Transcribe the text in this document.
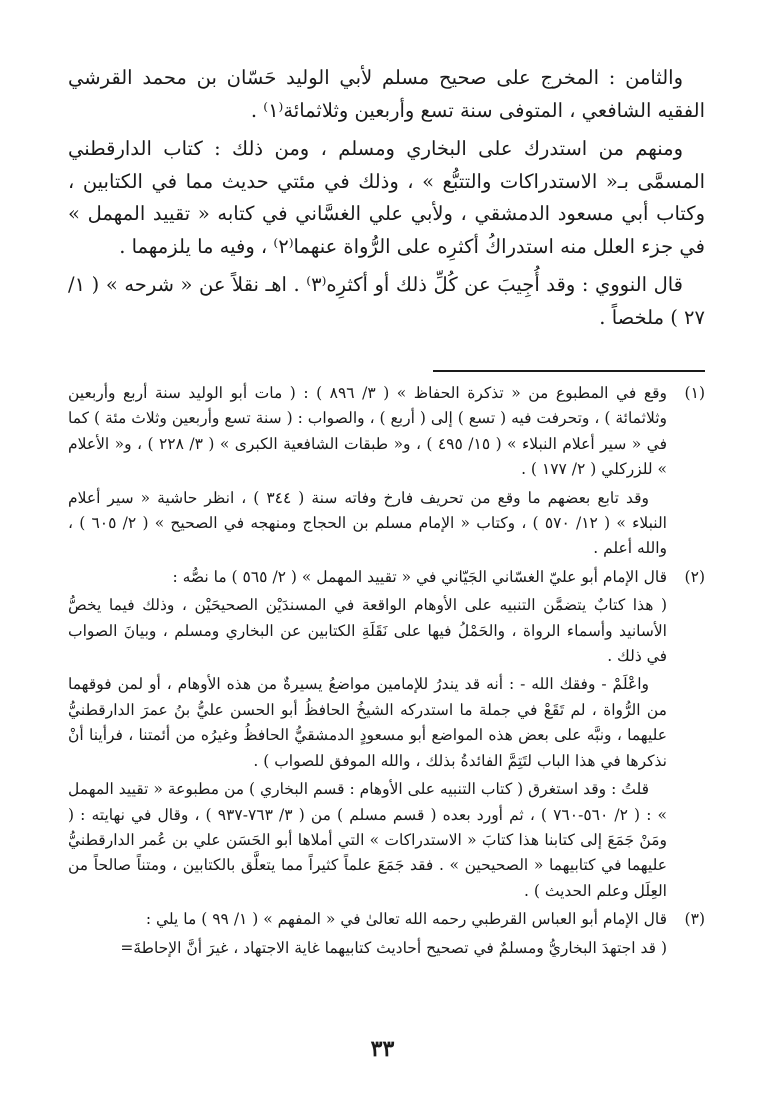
والثامن : المخرج على صحيح مسلم لأبي الوليد حَسّان بن محمد القرشي الفقيه الشافعي ، المتوفى سنة تسع وأربعين وثلاثمائة⁽١⁾ .

ومنهم من استدرك على البخاري ومسلم ، ومن ذلك : كتاب الدارقطني المسمَّى بـ« الاستدراكات والتتبُّع » ، وذلك في مئتي حديث مما في الكتابين ، وكتاب أبي مسعود الدمشقي ، ولأبي علي الغسَّاني في كتابه « تقييد المهمل » في جزء العلل منه استدراكُ أكثرِه على الرُّواة عنهما⁽٢⁾ ، وفيه ما يلزمهما .

قال النووي : وقد أُجِيبَ عن كُلِّ ذلك أو أكثرِه⁽٣⁾ . اهـ نقلاً عن « شرحه » ( ١/ ٢٧ ) ملخصاً .

(١)

وقع في المطبوع من « تذكرة الحفاظ » ( ٣/ ٨٩٦ ) : ( مات أبو الوليد سنة أربع وأربعين وثلاثمائة ) ، وتحرفت فيه ( تسع ) إلى ( أربع ) ، والصواب : ( سنة تسع وأربعين وثلاث مئة ) كما في « سير أعلام النبلاء » ( ١٥/ ٤٩٥ ) ، و« طبقات الشافعية الكبرى » ( ٣/ ٢٢٨ ) ، و« الأعلام » للزركلي ( ٢/ ١٧٧ ) .

وقد تابع بعضهم ما وقع من تحريف فارخ وفاته سنة ( ٣٤٤ ) ، انظر حاشية « سير أعلام النبلاء » ( ١٢/ ٥٧٠ ) ، وكتاب « الإمام مسلم بن الحجاج ومنهجه في الصحيح » ( ٢/ ٦٠٥ ) ، والله أعلم .

(٢)

قال الإمام أبو عليّ الغسّاني الجَيّاني في « تقييد المهمل » ( ٢/ ٥٦٥ ) ما نصُّه :

( هذا كتابٌ يتضمَّن التنبيه على الأوهام الواقعة في المسندَيْن الصحيحَيْن ، وذلك فيما يخصُّ الأسانيد وأسماء الرواة ، والحَمْلُ فيها على نَقَلَةِ الكتابين عن البخاري ومسلم ، وبيانَ الصواب في ذلك .

واعْلَمْ - وفقك الله - : أنه قد يندرُ للإمامين مواضعُ يسيرةٌ من هذه الأوهام ، أو لمن فوقهما من الرُّواة ، لم تَقَعْ في جملة ما استدركه الشيخُ الحافظُ أبو الحسن عليُّ بنُ عمرَ الدارقطنيُّ عليهما ، ونبَّه على بعض هذه المواضع أبو مسعودٍ الدمشقيُّ الحافظُ وغيرُه من أئمتنا ، فرأينا أنْ نذكرها في هذا الباب لتَتِمَّ الفائدةُ بذلك ، والله الموفق للصواب ) .

قلتُ : وقد استغرق ( كتاب التنبيه على الأوهام : قسم البخاري ) من مطبوعة « تقييد المهمل » : ( ٢/ ٥٦٠-٧٦٠ ) ، ثم أورد بعده ( قسم مسلم ) من ( ٣/ ٧٦٣-٩٣٧ ) ، وقال في نهايته : ( ومَنْ جَمَعَ إلى كتابنا هذا كتابَ « الاستدراكات » التي أملاها أبو الحَسَن علي بن عُمر الدارقطنيُّ عليهما في كتابيهما « الصحيحين » . فقد جَمَعَ علماً كثيراً مما يتعلَّق بالكتابين ، ومتناً صالحاً من العِلَل وعلم الحديث ) .

(٣)

قال الإمام أبو العباس القرطبي رحمه الله تعالىٰ في « المفهم » ( ١/ ٩٩ ) ما يلي :

( قد اجتهدَ البخاريُّ ومسلمٌ في تصحيح أحاديث كتابيهما غاية الاجتهاد ، غيرَ أنَّ الإحاطةَ=

٣٣
